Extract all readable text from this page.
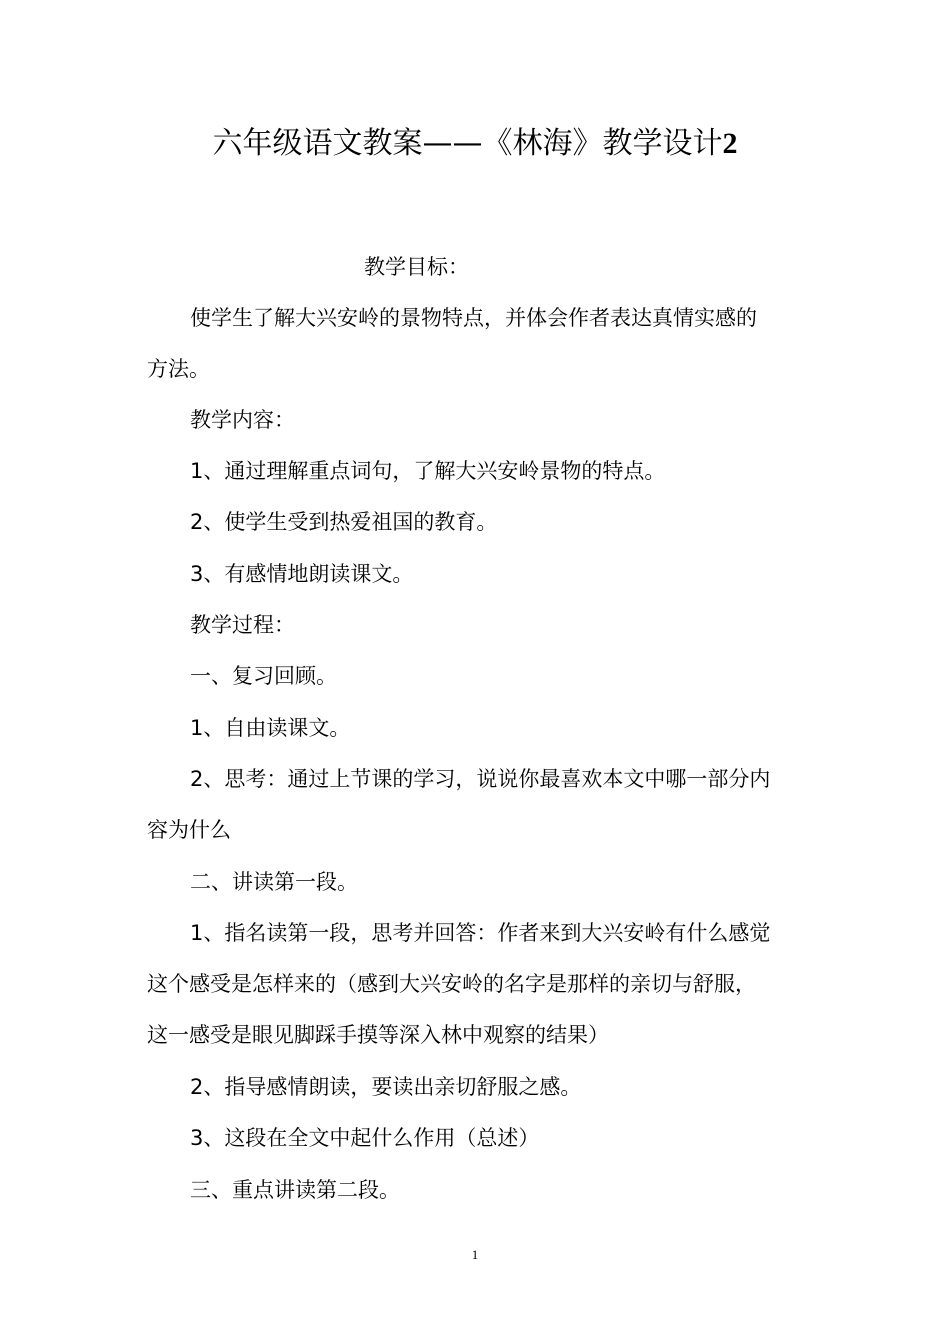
六年级语文教案——《林海》教学设计2

教学目标：

使学生了解大兴安岭的景物特点，并体会作者表达真情实感的

方法。

教学内容：

1、通过理解重点词句，了解大兴安岭景物的特点。

2、使学生受到热爱祖国的教育。

3、有感情地朗读课文。

教学过程：

一、复习回顾。

1、自由读课文。

2、思考：通过上节课的学习，说说你最喜欢本文中哪一部分内

容为什么

二、讲读第一段。

1、指名读第一段，思考并回答：作者来到大兴安岭有什么感觉

这个感受是怎样来的（感到大兴安岭的名字是那样的亲切与舒服，

这一感受是眼见脚踩手摸等深入林中观察的结果）

2、指导感情朗读，要读出亲切舒服之感。

3、这段在全文中起什么作用（总述）

三、重点讲读第二段。

1
